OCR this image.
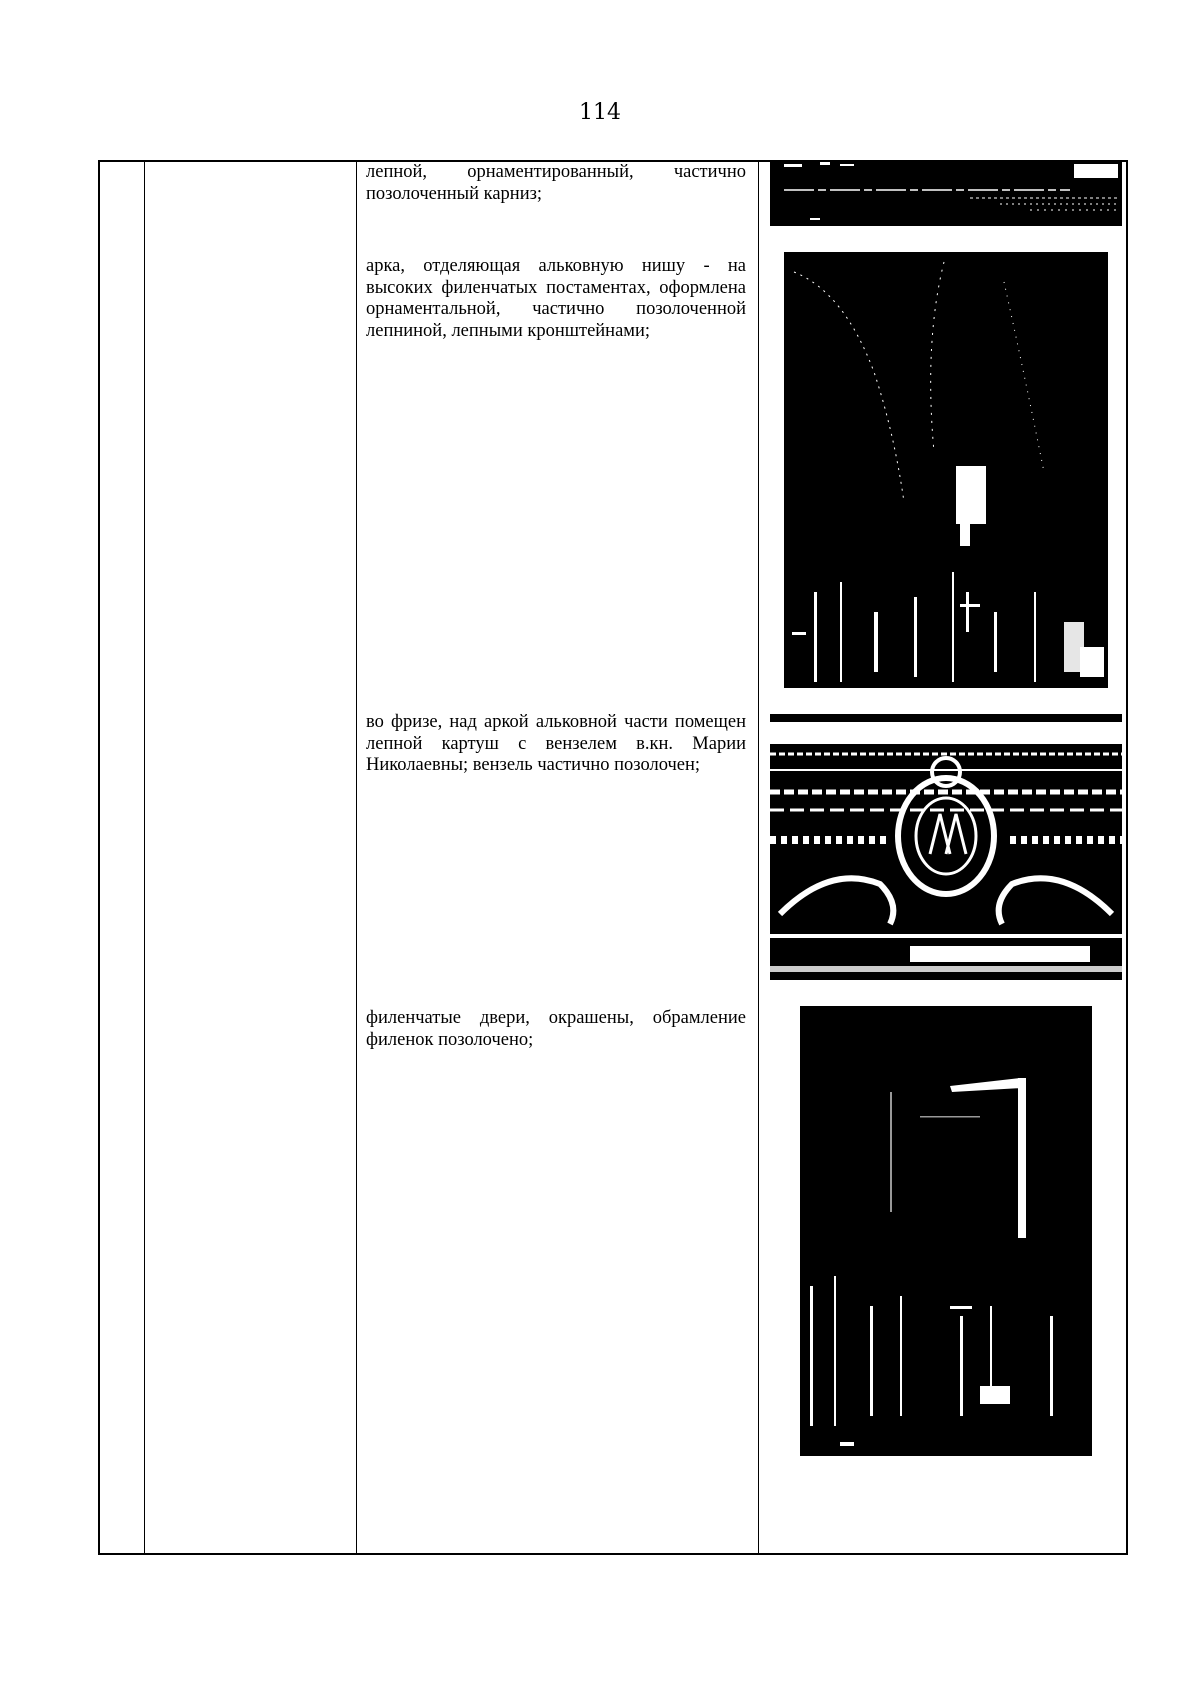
114
лепной, орнаментированный, частично позолоченный карниз;
арка, отделяющая альковную нишу - на высоких филенчатых постаментах, оформлена орнаментальной, частично позолоченной лепниной, лепными кронштейнами;
во фризе, над аркой альковной части помещен лепной картуш с вензелем в.кн. Марии Николаевны; вензель частично позолочен;
филенчатые двери, окрашены, обрамление филенок позолочено;
